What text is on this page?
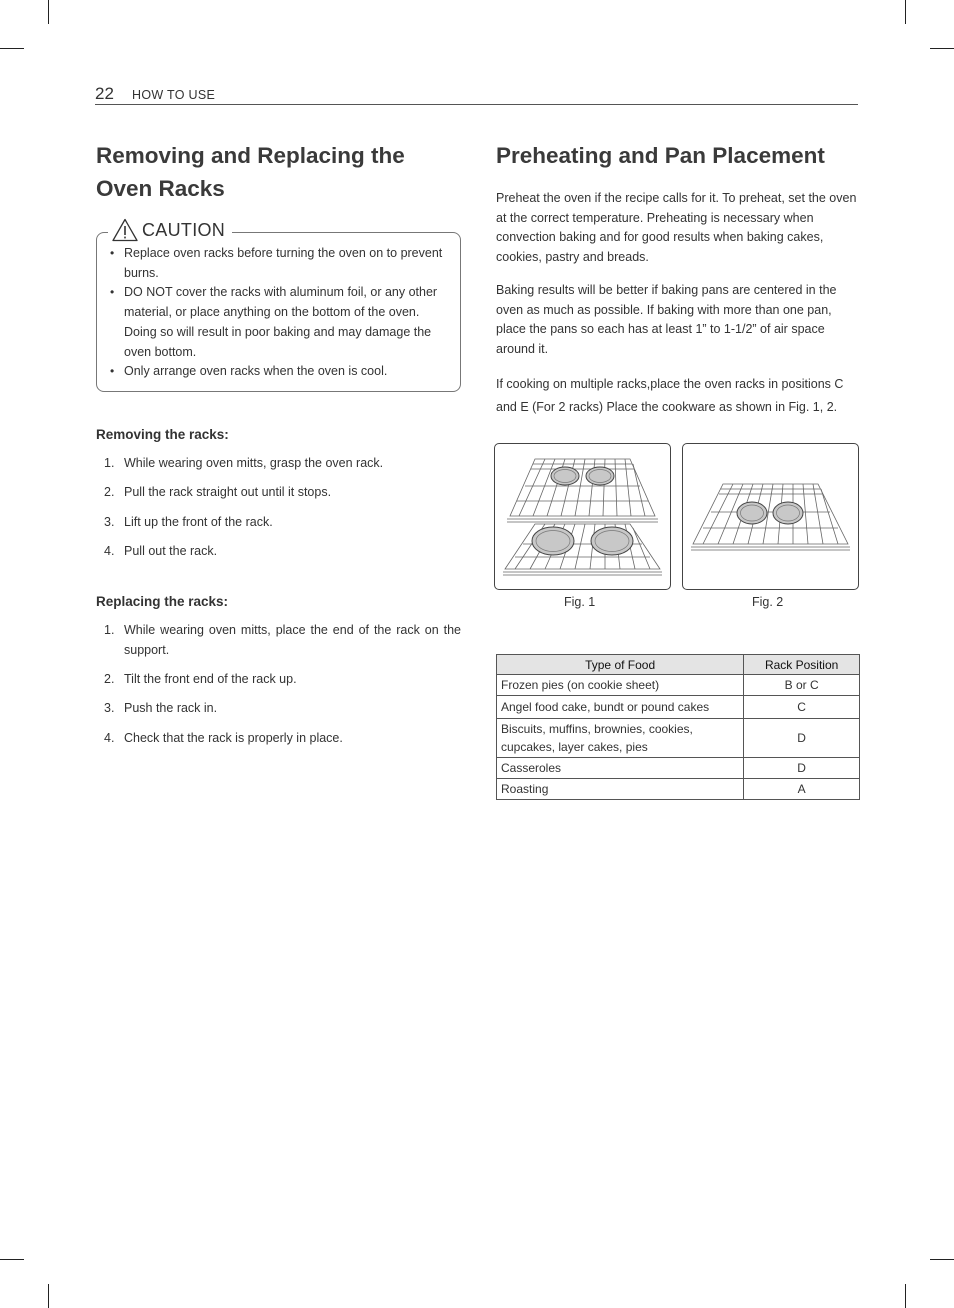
22 HOW TO USE
Removing and Replacing the Oven Racks
CAUTION
• Replace oven racks before turning the oven on to prevent burns.
• DO NOT cover the racks with aluminum foil, or any other material, or place anything on the bottom of the oven. Doing so will result in poor baking and may damage the oven bottom.
• Only arrange oven racks when the oven is cool.
Removing the racks:
1. While wearing oven mitts, grasp the oven rack.
2. Pull the rack straight out until it stops.
3. Lift up the front of the rack.
4. Pull out the rack.
Replacing the racks:
1. While wearing oven mitts, place the end of the rack on the support.
2. Tilt the front end of the rack up.
3. Push the rack in.
4. Check that the rack is properly in place.
Preheating and Pan Placement

Preheat the oven if the recipe calls for it. To preheat, set the oven at the correct temperature. Preheating is necessary when convection baking and for good results when baking cakes, cookies, pastry and breads.

Baking results will be better if baking pans are centered in the oven as much as possible. If baking with more than one pan, place the pans so each has at least 1” to 1-1/2” of air space around it.

If cooking on multiple racks,place the oven racks in positions C and E (For 2 racks) Place the cookware as shown in Fig. 1, 2.

Fig. 1	Fig. 2
Type of Food	Rack Position
Frozen pies (on cookie sheet)	B or C
Angel food cake, bundt or pound cakes	C
Biscuits, muffins, brownies, cookies, cupcakes, layer cakes, pies	D
Casseroles	D
Roasting	A
